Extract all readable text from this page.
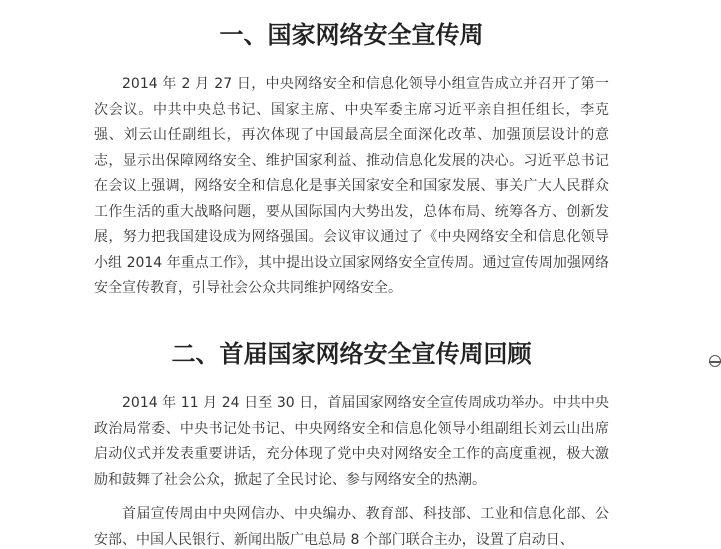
一、国家网络安全宣传周

2014 年 2 月 27 日，中央网络安全和信息化领导小组宣告成立并召开了第一次会议。中共中央总书记、国家主席、中央军委主席习近平亲自担任组长，李克强、刘云山任副组长，再次体现了中国最高层全面深化改革、加强顶层设计的意志，显示出保障网络安全、维护国家利益、推动信息化发展的决心。习近平总书记在会议上强调，网络安全和信息化是事关国家安全和国家发展、事关广大人民群众工作生活的重大战略问题，要从国际国内大势出发，总体布局、统筹各方、创新发展，努力把我国建设成为网络强国。会议审议通过了《中央网络安全和信息化领导小组 2014 年重点工作》，其中提出设立国家网络安全宣传周。通过宣传周加强网络安全宣传教育，引导社会公众共同维护网络安全。

二、首届国家网络安全宣传周回顾

2014 年 11 月 24 日至 30 日，首届国家网络安全宣传周成功举办。中共中央政治局常委、中央书记处书记、中央网络安全和信息化领导小组副组长刘云山出席启动仪式并发表重要讲话，充分体现了党中央对网络安全工作的高度重视，极大激励和鼓舞了社会公众，掀起了全民讨论、参与网络安全的热潮。

首届宣传周由中央网信办、中央编办、教育部、科技部、工业和信息化部、公安部、中国人民银行、新闻出版广电总局 8 个部门联合主办，设置了启动日、
